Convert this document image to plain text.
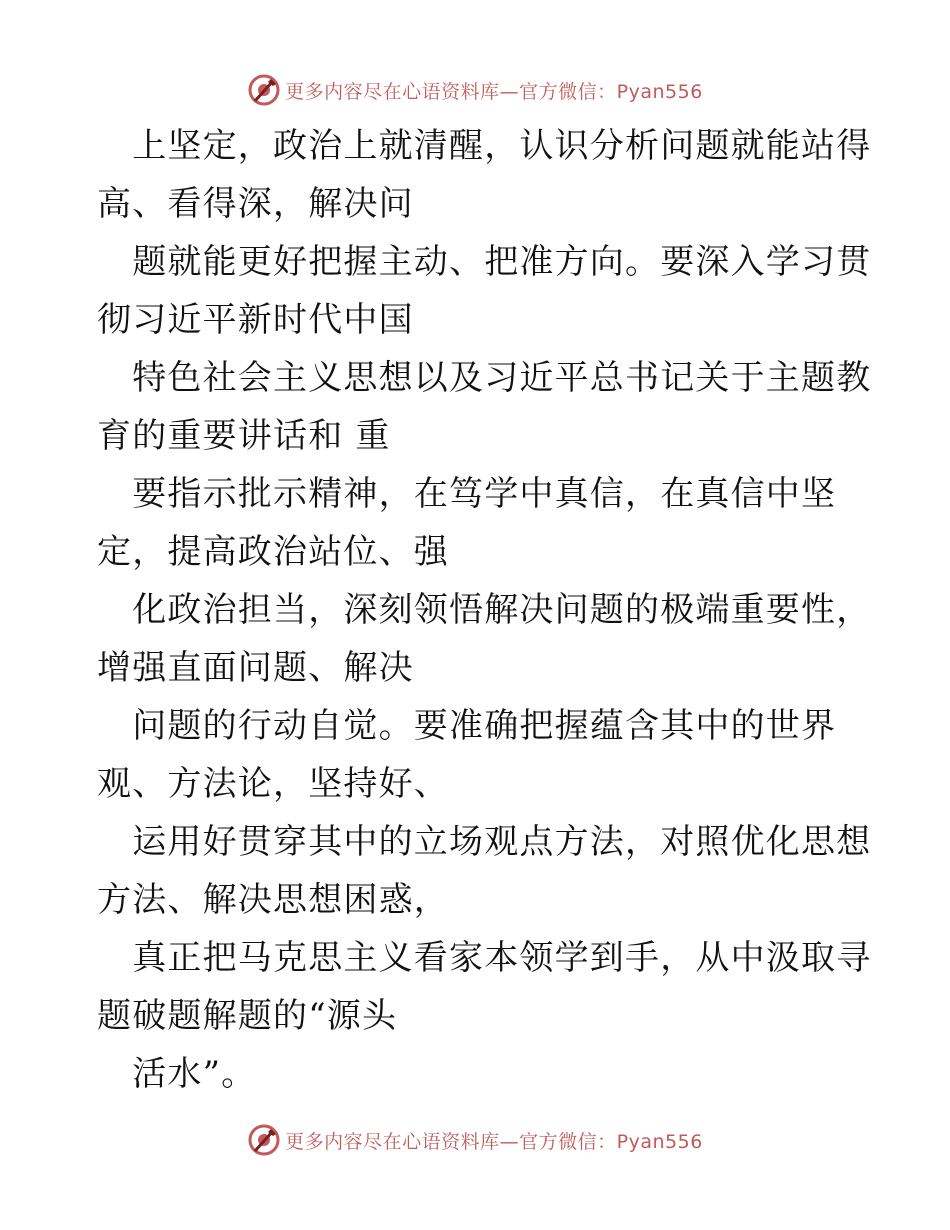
更多内容尽在心语资料库—官方微信：Pyan556
　上坚定，政治上就清醒，认识分析问题就能站得
高、看得深，解决问
　题就能更好把握主动、把准方向。要深入学习贯
彻习近平新时代中国
　特色社会主义思想以及习近平总书记关于主题教
育的重要讲话和 重
　要指示批示精神，在笃学中真信，在真信中坚
定，提高政治站位、强
　化政治担当，深刻领悟解决问题的极端重要性，
增强直面问题、解决
　问题的行动自觉。要准确把握蕴含其中的世界
观、方法论，坚持好、
　运用好贯穿其中的立场观点方法，对照优化思想
方法、解决思想困惑，
　真正把马克思主义看家本领学到手，从中汲取寻
题破题解题的“源头
　活水”。
更多内容尽在心语资料库—官方微信：Pyan556
